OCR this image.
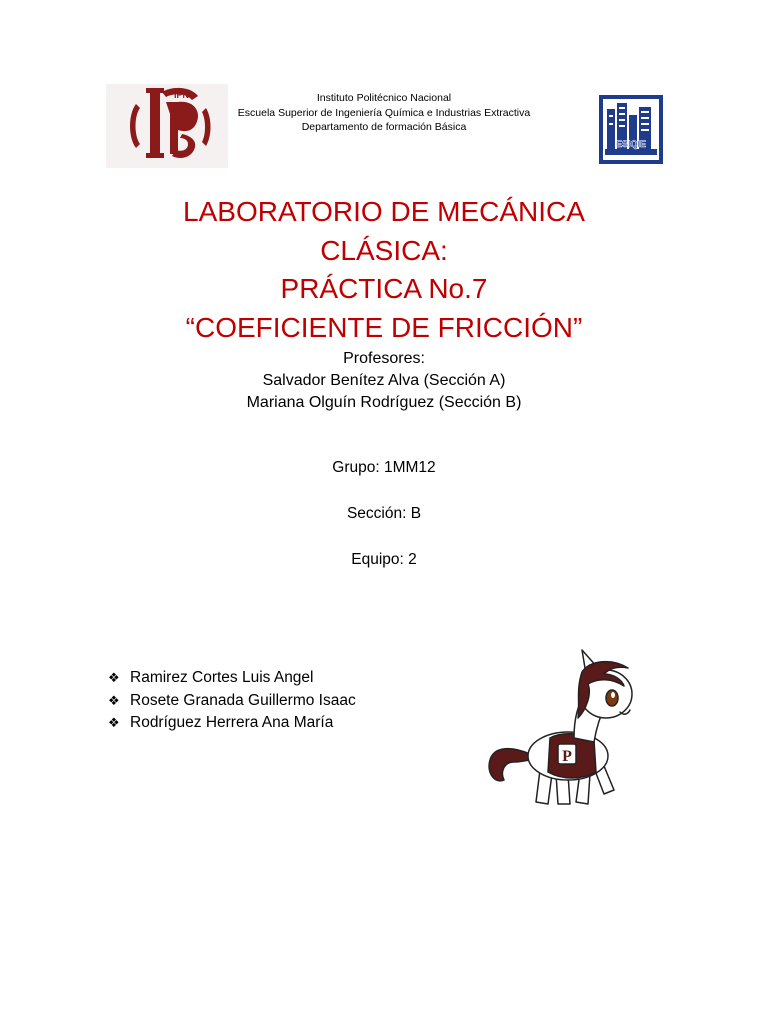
IPN
ESIQIE
IPN
Instituto Politécnico Nacional
Escuela Superior de Ingeniería Química e Industrias Extractiva
Departamento de formación Básica
LABORATORIO DE MECÁNICA
CLÁSICA:
PRÁCTICA No.7
“COEFICIENTE DE FRICCIÓN”
Profesores:
Salvador Benítez Alva (Sección A)
Mariana Olguín Rodríguez (Sección B)
Grupo: 1MM12
Sección: B
Equipo: 2
❖ Ramirez Cortes Luis Angel
❖ Rosete Granada Guillermo Isaac
❖ Rodríguez Herrera Ana María
P
